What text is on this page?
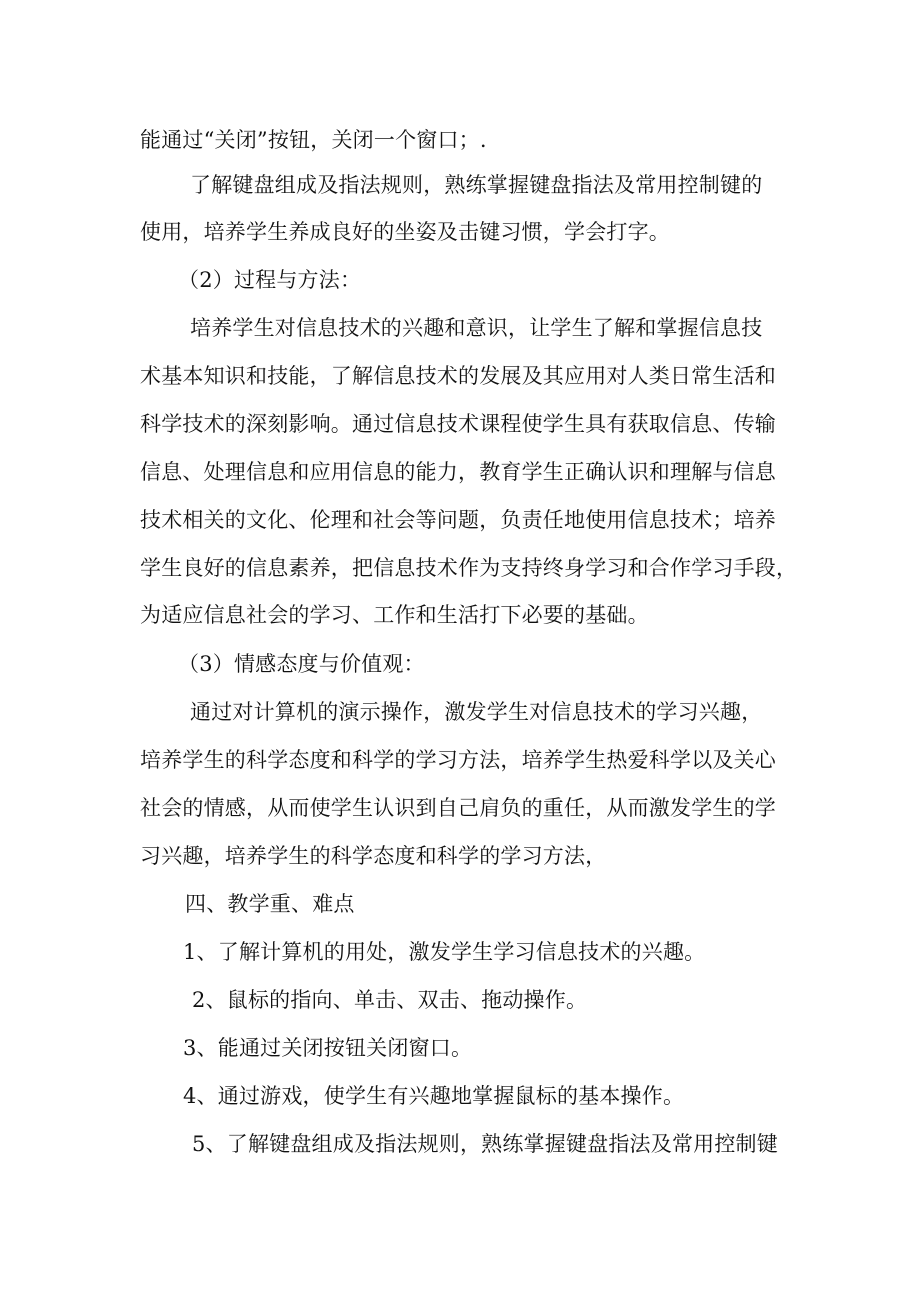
能通过“关闭”按钮，关闭一个窗口；.
了解键盘组成及指法规则，熟练掌握键盘指法及常用控制键的
使用，培养学生养成良好的坐姿及击键习惯，学会打字。
（2）过程与方法：
培养学生对信息技术的兴趣和意识，让学生了解和掌握信息技
术基本知识和技能，了解信息技术的发展及其应用对人类日常生活和
科学技术的深刻影响。通过信息技术课程使学生具有获取信息、传输
信息、处理信息和应用信息的能力，教育学生正确认识和理解与信息
技术相关的文化、伦理和社会等问题，负责任地使用信息技术；培养
学生良好的信息素养，把信息技术作为支持终身学习和合作学习手段，
为适应信息社会的学习、工作和生活打下必要的基础。
（3）情感态度与价值观：
通过对计算机的演示操作，激发学生对信息技术的学习兴趣，
培养学生的科学态度和科学的学习方法，培养学生热爱科学以及关心
社会的情感，从而使学生认识到自己肩负的重任，从而激发学生的学
习兴趣，培养学生的科学态度和科学的学习方法，
四、教学重、难点
1、了解计算机的用处，激发学生学习信息技术的兴趣。
2、鼠标的指向、单击、双击、拖动操作。
3、能通过关闭按钮关闭窗口。
4、通过游戏，使学生有兴趣地掌握鼠标的基本操作。
5、了解键盘组成及指法规则，熟练掌握键盘指法及常用控制键
